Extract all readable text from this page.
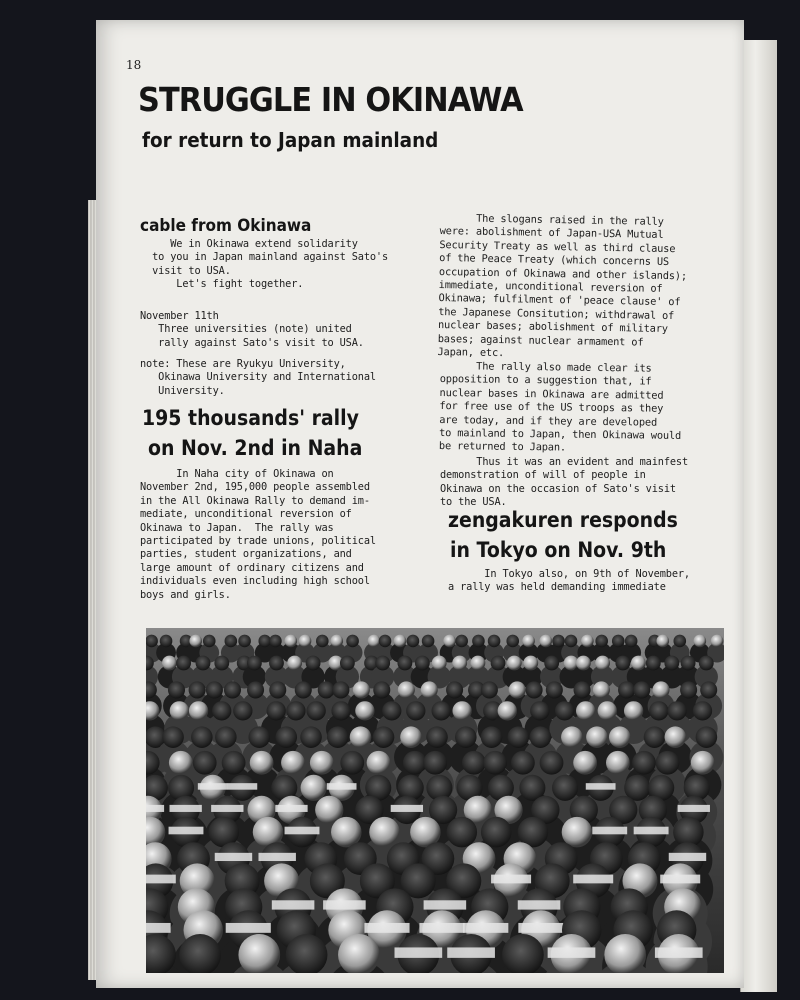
18
STRUGGLE IN OKINAWA
for return to Japan mainland
cable from Okinawa
We in Okinawa extend solidarity
to you in Japan mainland against Sato's
visit to USA.
Let's fight together.
November 11th
Three universities (note) united
rally against Sato's visit to USA.
note: These are Ryukyu University,
Okinawa University and International
University.
195 thousands' rally
on Nov. 2nd in Naha
In Naha city of Okinawa on
November 2nd, 195,000 people assembled
in the All Okinawa Rally to demand im-
mediate, unconditional reversion of
Okinawa to Japan.  The rally was
participated by trade unions, political
parties, student organizations, and
large amount of ordinary citizens and
individuals even including high school
boys and girls.
The slogans raised in the rally
were: abolishment of Japan-USA Mutual
Security Treaty as well as third clause
of the Peace Treaty (which concerns US
occupation of Okinawa and other islands);
immediate, unconditional reversion of
Okinawa; fulfilment of 'peace clause' of
the Japanese Consitution; withdrawal of
nuclear bases; abolishment of military
bases; against nuclear armament of
Japan, etc.
The rally also made clear its
opposition to a suggestion that, if
nuclear bases in Okinawa are admitted
for free use of the US troops as they
are today, and if they are developed
to mainland to Japan, then Okinawa would
be returned to Japan.
Thus it was an evident and mainfest
demonstration of will of people in
Okinawa on the occasion of Sato's visit
to the USA.
zengakuren responds
in Tokyo on Nov. 9th
In Tokyo also, on 9th of November,
a rally was held demanding immediate
